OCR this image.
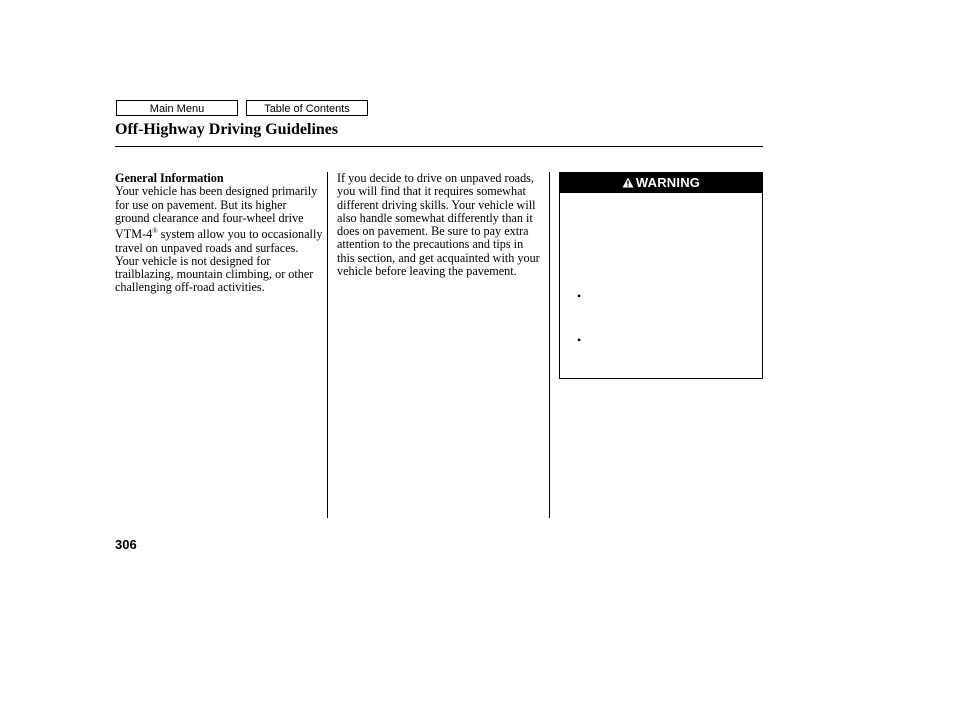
Main Menu	Table of Contents
Off-Highway Driving Guidelines

General Information

Your vehicle has been designed primarily for use on pavement. But its higher ground clearance and four-wheel drive VTM-4® system allow you to occasionally travel on unpaved roads and surfaces. Your vehicle is not designed for trailblazing, mountain climbing, or other challenging off-road activities.

If you decide to drive on unpaved roads, you will find that it requires somewhat different driving skills. Your vehicle will also handle somewhat differently than it does on pavement. Be sure to pay extra attention to the precautions and tips in this section, and get acquainted with your vehicle before leaving the pavement.

WARNING
•
•
306
